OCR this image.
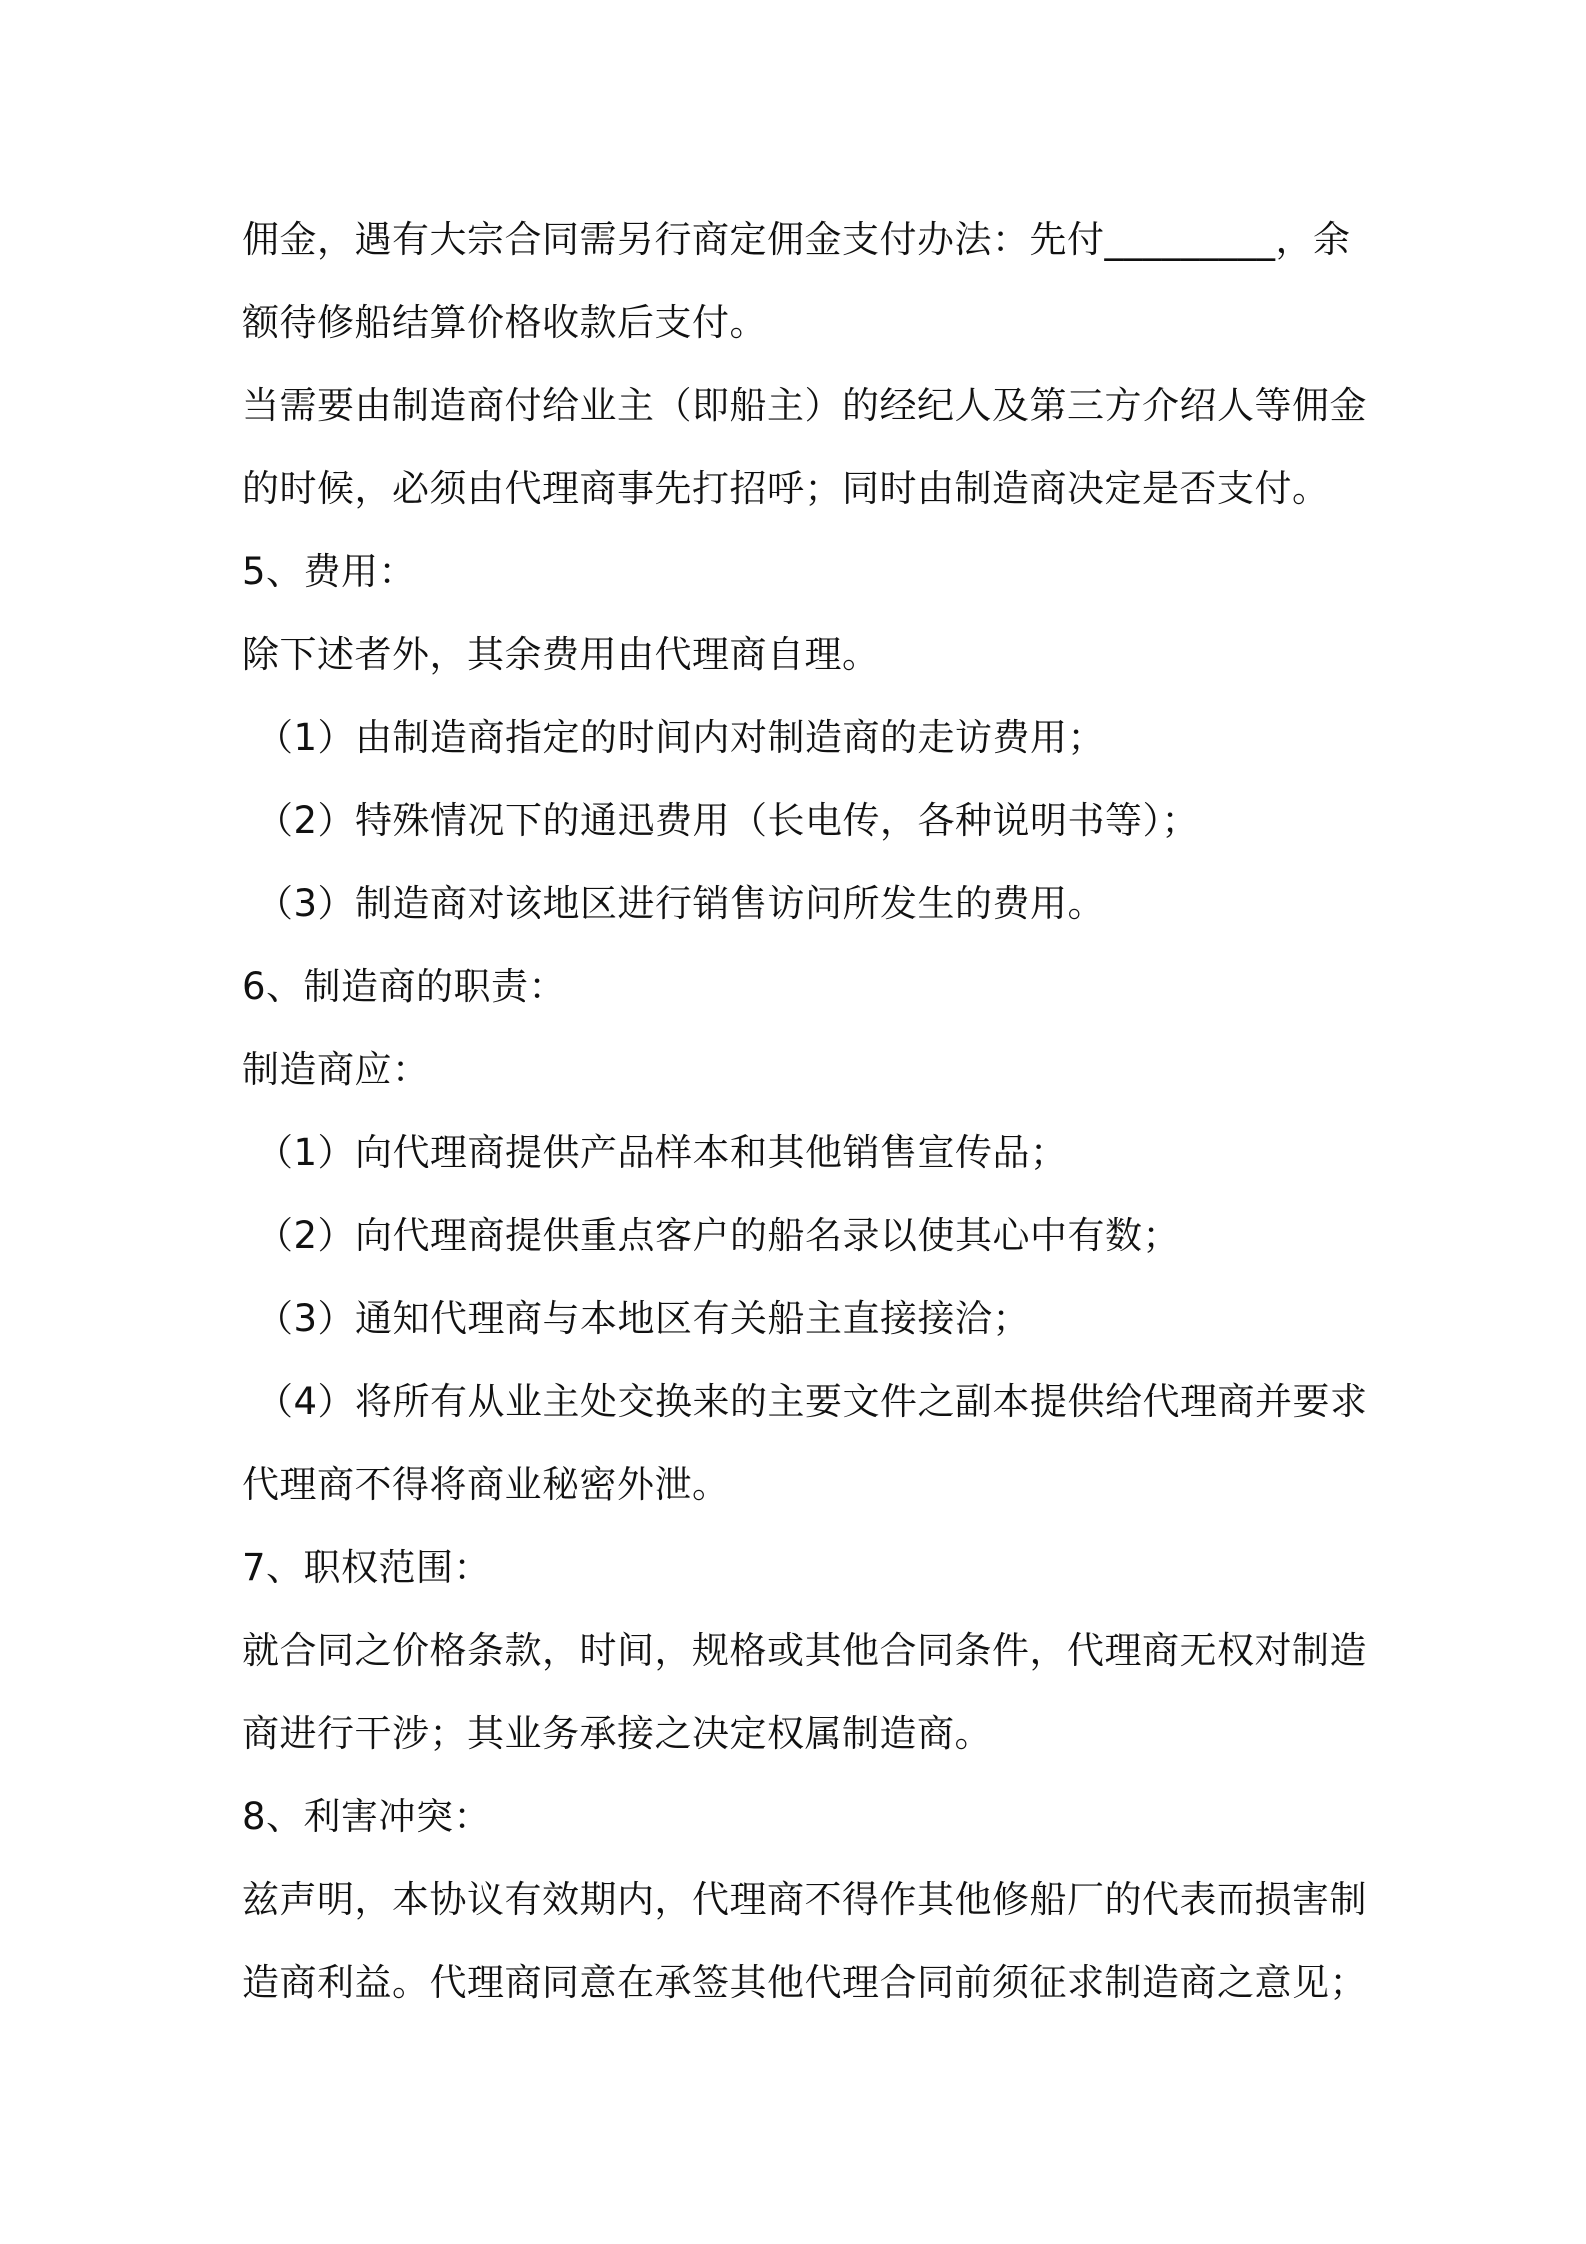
佣金，遇有大宗合同需另行商定佣金支付办法：先付_________，余
额待修船结算价格收款后支付。
当需要由制造商付给业主（即船主）的经纪人及第三方介绍人等佣金
的时候，必须由代理商事先打招呼；同时由制造商决定是否支付。
5、费用：
除下述者外，其余费用由代理商自理。
（1）由制造商指定的时间内对制造商的走访费用；
（2）特殊情况下的通迅费用（长电传，各种说明书等）；
（3）制造商对该地区进行销售访问所发生的费用。
6、制造商的职责：
制造商应：
（1）向代理商提供产品样本和其他销售宣传品；
（2）向代理商提供重点客户的船名录以使其心中有数；
（3）通知代理商与本地区有关船主直接接洽；
（4）将所有从业主处交换来的主要文件之副本提供给代理商并要求
代理商不得将商业秘密外泄。
7、职权范围：
就合同之价格条款，时间，规格或其他合同条件，代理商无权对制造
商进行干涉；其业务承接之决定权属制造商。
8、利害冲突：
兹声明，本协议有效期内，代理商不得作其他修船厂的代表而损害制
造商利益。代理商同意在承签其他代理合同前须征求制造商之意见；
